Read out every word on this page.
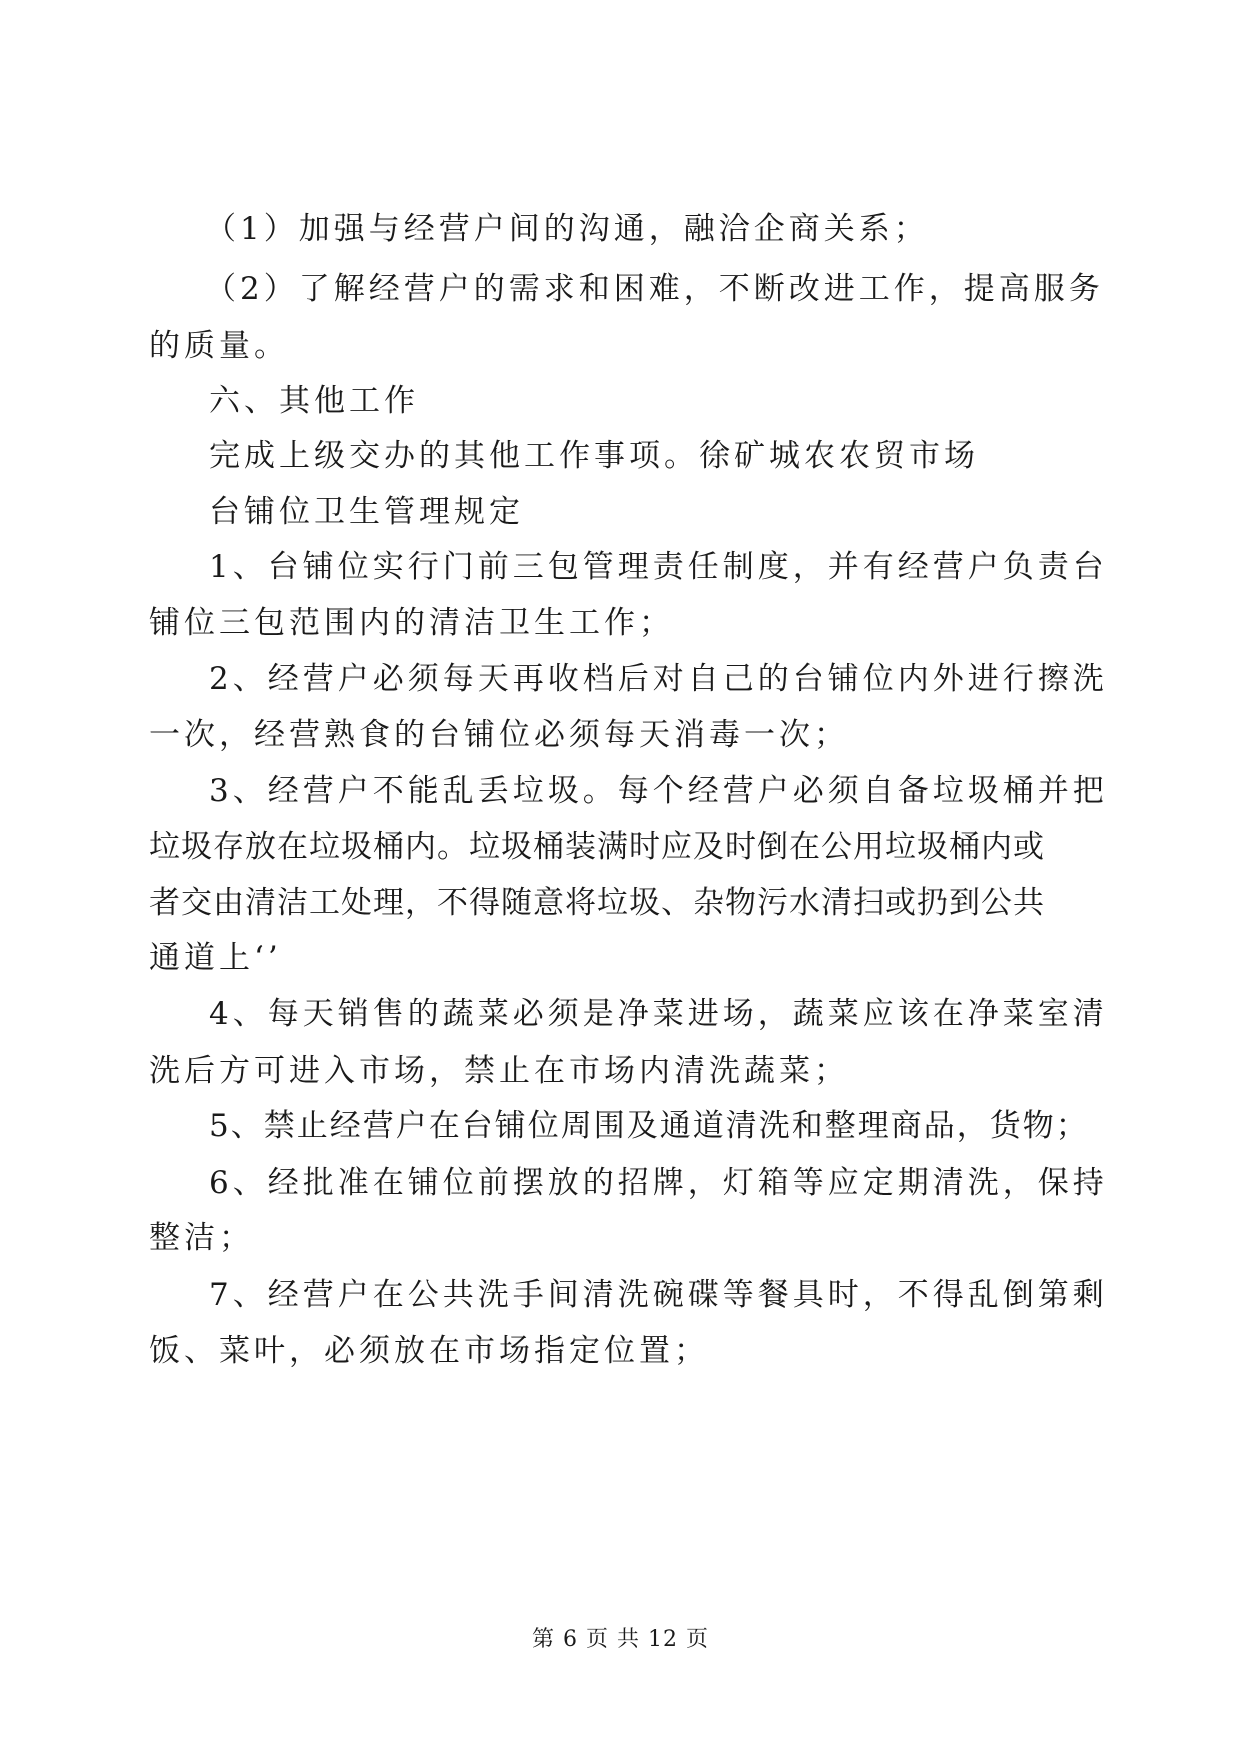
（1）加强与经营户间的沟通，融洽企商关系；
（2）了解经营户的需求和困难，不断改进工作，提高服务
的质量。
六、其他工作
完成上级交办的其他工作事项。徐矿城农农贸市场
台铺位卫生管理规定
1、台铺位实行门前三包管理责任制度，并有经营户负责台
铺位三包范围内的清洁卫生工作；
2、经营户必须每天再收档后对自己的台铺位内外进行擦洗
一次，经营熟食的台铺位必须每天消毒一次；
3、经营户不能乱丢垃圾。每个经营户必须自备垃圾桶并把
垃圾存放在垃圾桶内。垃圾桶装满时应及时倒在公用垃圾桶内或
者交由清洁工处理，不得随意将垃圾、杂物污水清扫或扔到公共
通道上‘’
4、每天销售的蔬菜必须是净菜进场，蔬菜应该在净菜室清
洗后方可进入市场，禁止在市场内清洗蔬菜；
5、禁止经营户在台铺位周围及通道清洗和整理商品，货物；
6、经批准在铺位前摆放的招牌，灯箱等应定期清洗，保持
整洁；
7、经营户在公共洗手间清洗碗碟等餐具时，不得乱倒第剩
饭、菜叶，必须放在市场指定位置；
第 6 页 共 12 页
